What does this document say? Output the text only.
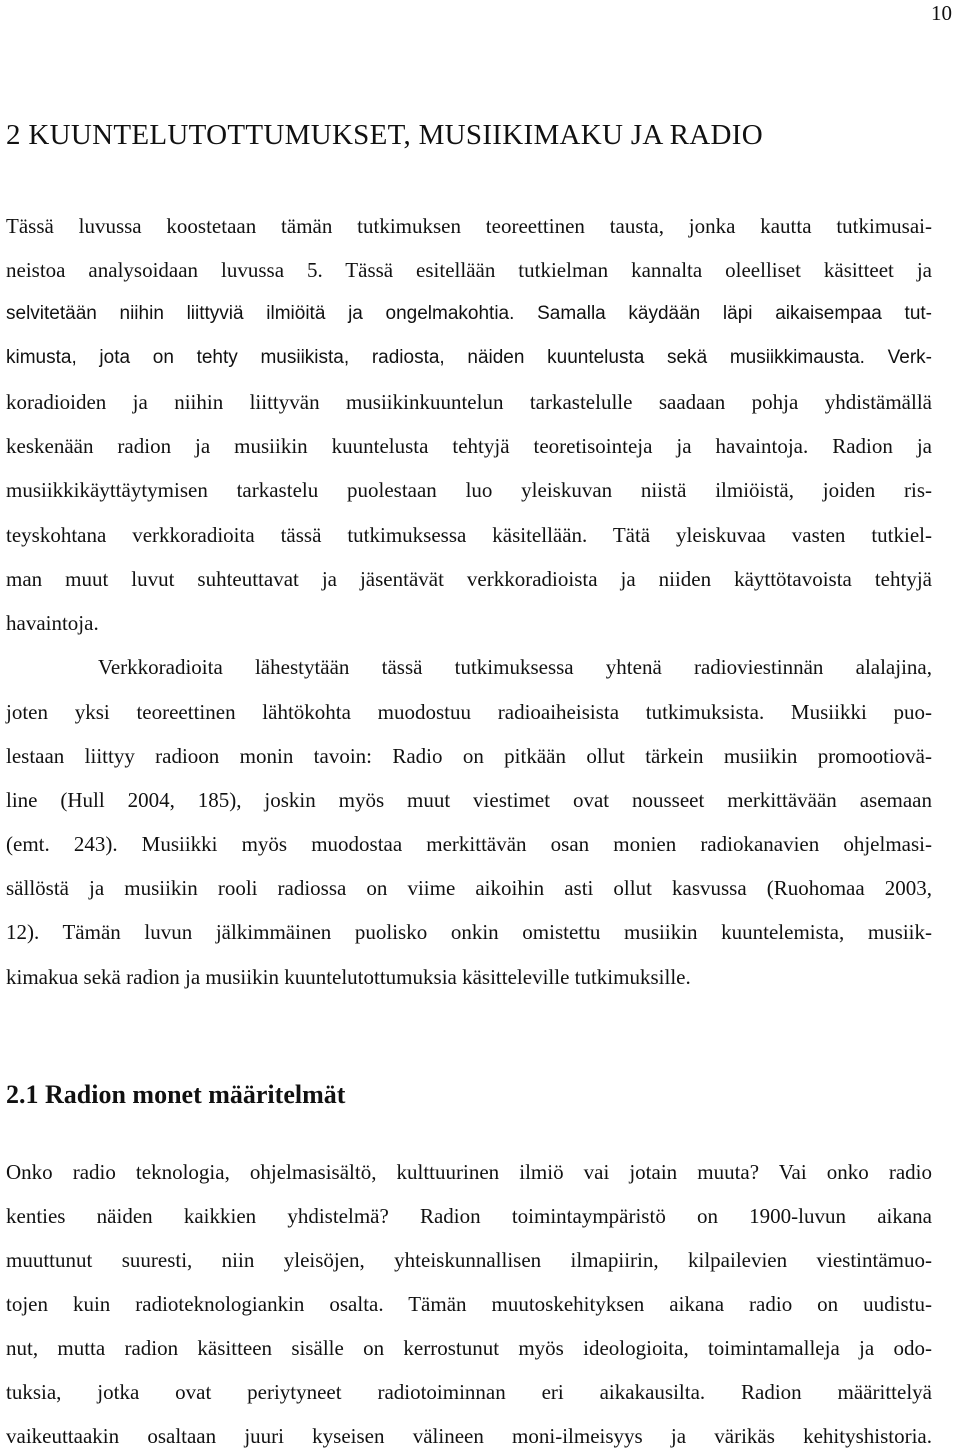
10
2 KUUNTELUTOTTUMUKSET, MUSIIKIMAKU JA RADIO
Tässä luvussa koostetaan tämän tutkimuksen teoreettinen tausta, jonka kautta tutkimusai-
neistoa analysoidaan luvussa 5. Tässä esitellään tutkielman kannalta oleelliset käsitteet ja
selvitetään niihin liittyviä ilmiöitä ja ongelmakohtia. Samalla käydään läpi aikaisempaa tut-
kimusta, jota on tehty musiikista, radiosta, näiden kuuntelusta sekä musiikkimausta. Verk-
koradioiden ja niihin liittyvän musiikinkuuntelun tarkastelulle saadaan pohja yhdistämällä
keskenään radion ja musiikin kuuntelusta tehtyjä teoretisointeja ja havaintoja. Radion ja
musiikkikäyttäytymisen tarkastelu puolestaan luo yleiskuvan niistä ilmiöistä, joiden ris-
teyskohtana verkkoradioita tässä tutkimuksessa käsitellään. Tätä yleiskuvaa vasten tutkiel-
man muut luvut suhteuttavat ja jäsentävät verkkoradioista ja niiden käyttötavoista tehtyjä
havaintoja.
Verkkoradioita lähestytään tässä tutkimuksessa yhtenä radioviestinnän alalajina,
joten yksi teoreettinen lähtökohta muodostuu radioaiheisista tutkimuksista. Musiikki puo-
lestaan liittyy radioon monin tavoin: Radio on pitkään ollut tärkein musiikin promootiovä-
line (Hull 2004, 185), joskin myös muut viestimet ovat nousseet merkittävään asemaan
(emt. 243). Musiikki myös muodostaa merkittävän osan monien radiokanavien ohjelmasi-
sällöstä ja musiikin rooli radiossa on viime aikoihin asti ollut kasvussa (Ruohomaa 2003,
12). Tämän luvun jälkimmäinen puolisko onkin omistettu musiikin kuuntelemista, musiik-
kimakua sekä radion ja musiikin kuuntelutottumuksia käsitteleville tutkimuksille.
2.1 Radion monet määritelmät
Onko radio teknologia, ohjelmasisältö, kulttuurinen ilmiö vai jotain muuta? Vai onko radio
kenties näiden kaikkien yhdistelmä? Radion toimintaympäristö on 1900-luvun aikana
muuttunut suuresti, niin yleisöjen, yhteiskunnallisen ilmapiirin, kilpailevien viestintämuo-
tojen kuin radioteknologiankin osalta. Tämän muutoskehityksen aikana radio on uudistu-
nut, mutta radion käsitteen sisälle on kerrostunut myös ideologioita, toimintamalleja ja odo-
tuksia, jotka ovat periytyneet radiotoiminnan eri aikakausilta. Radion määrittelyä
vaikeuttaakin osaltaan juuri kyseisen välineen moni-ilmeisyys ja värikäs kehityshistoria.
